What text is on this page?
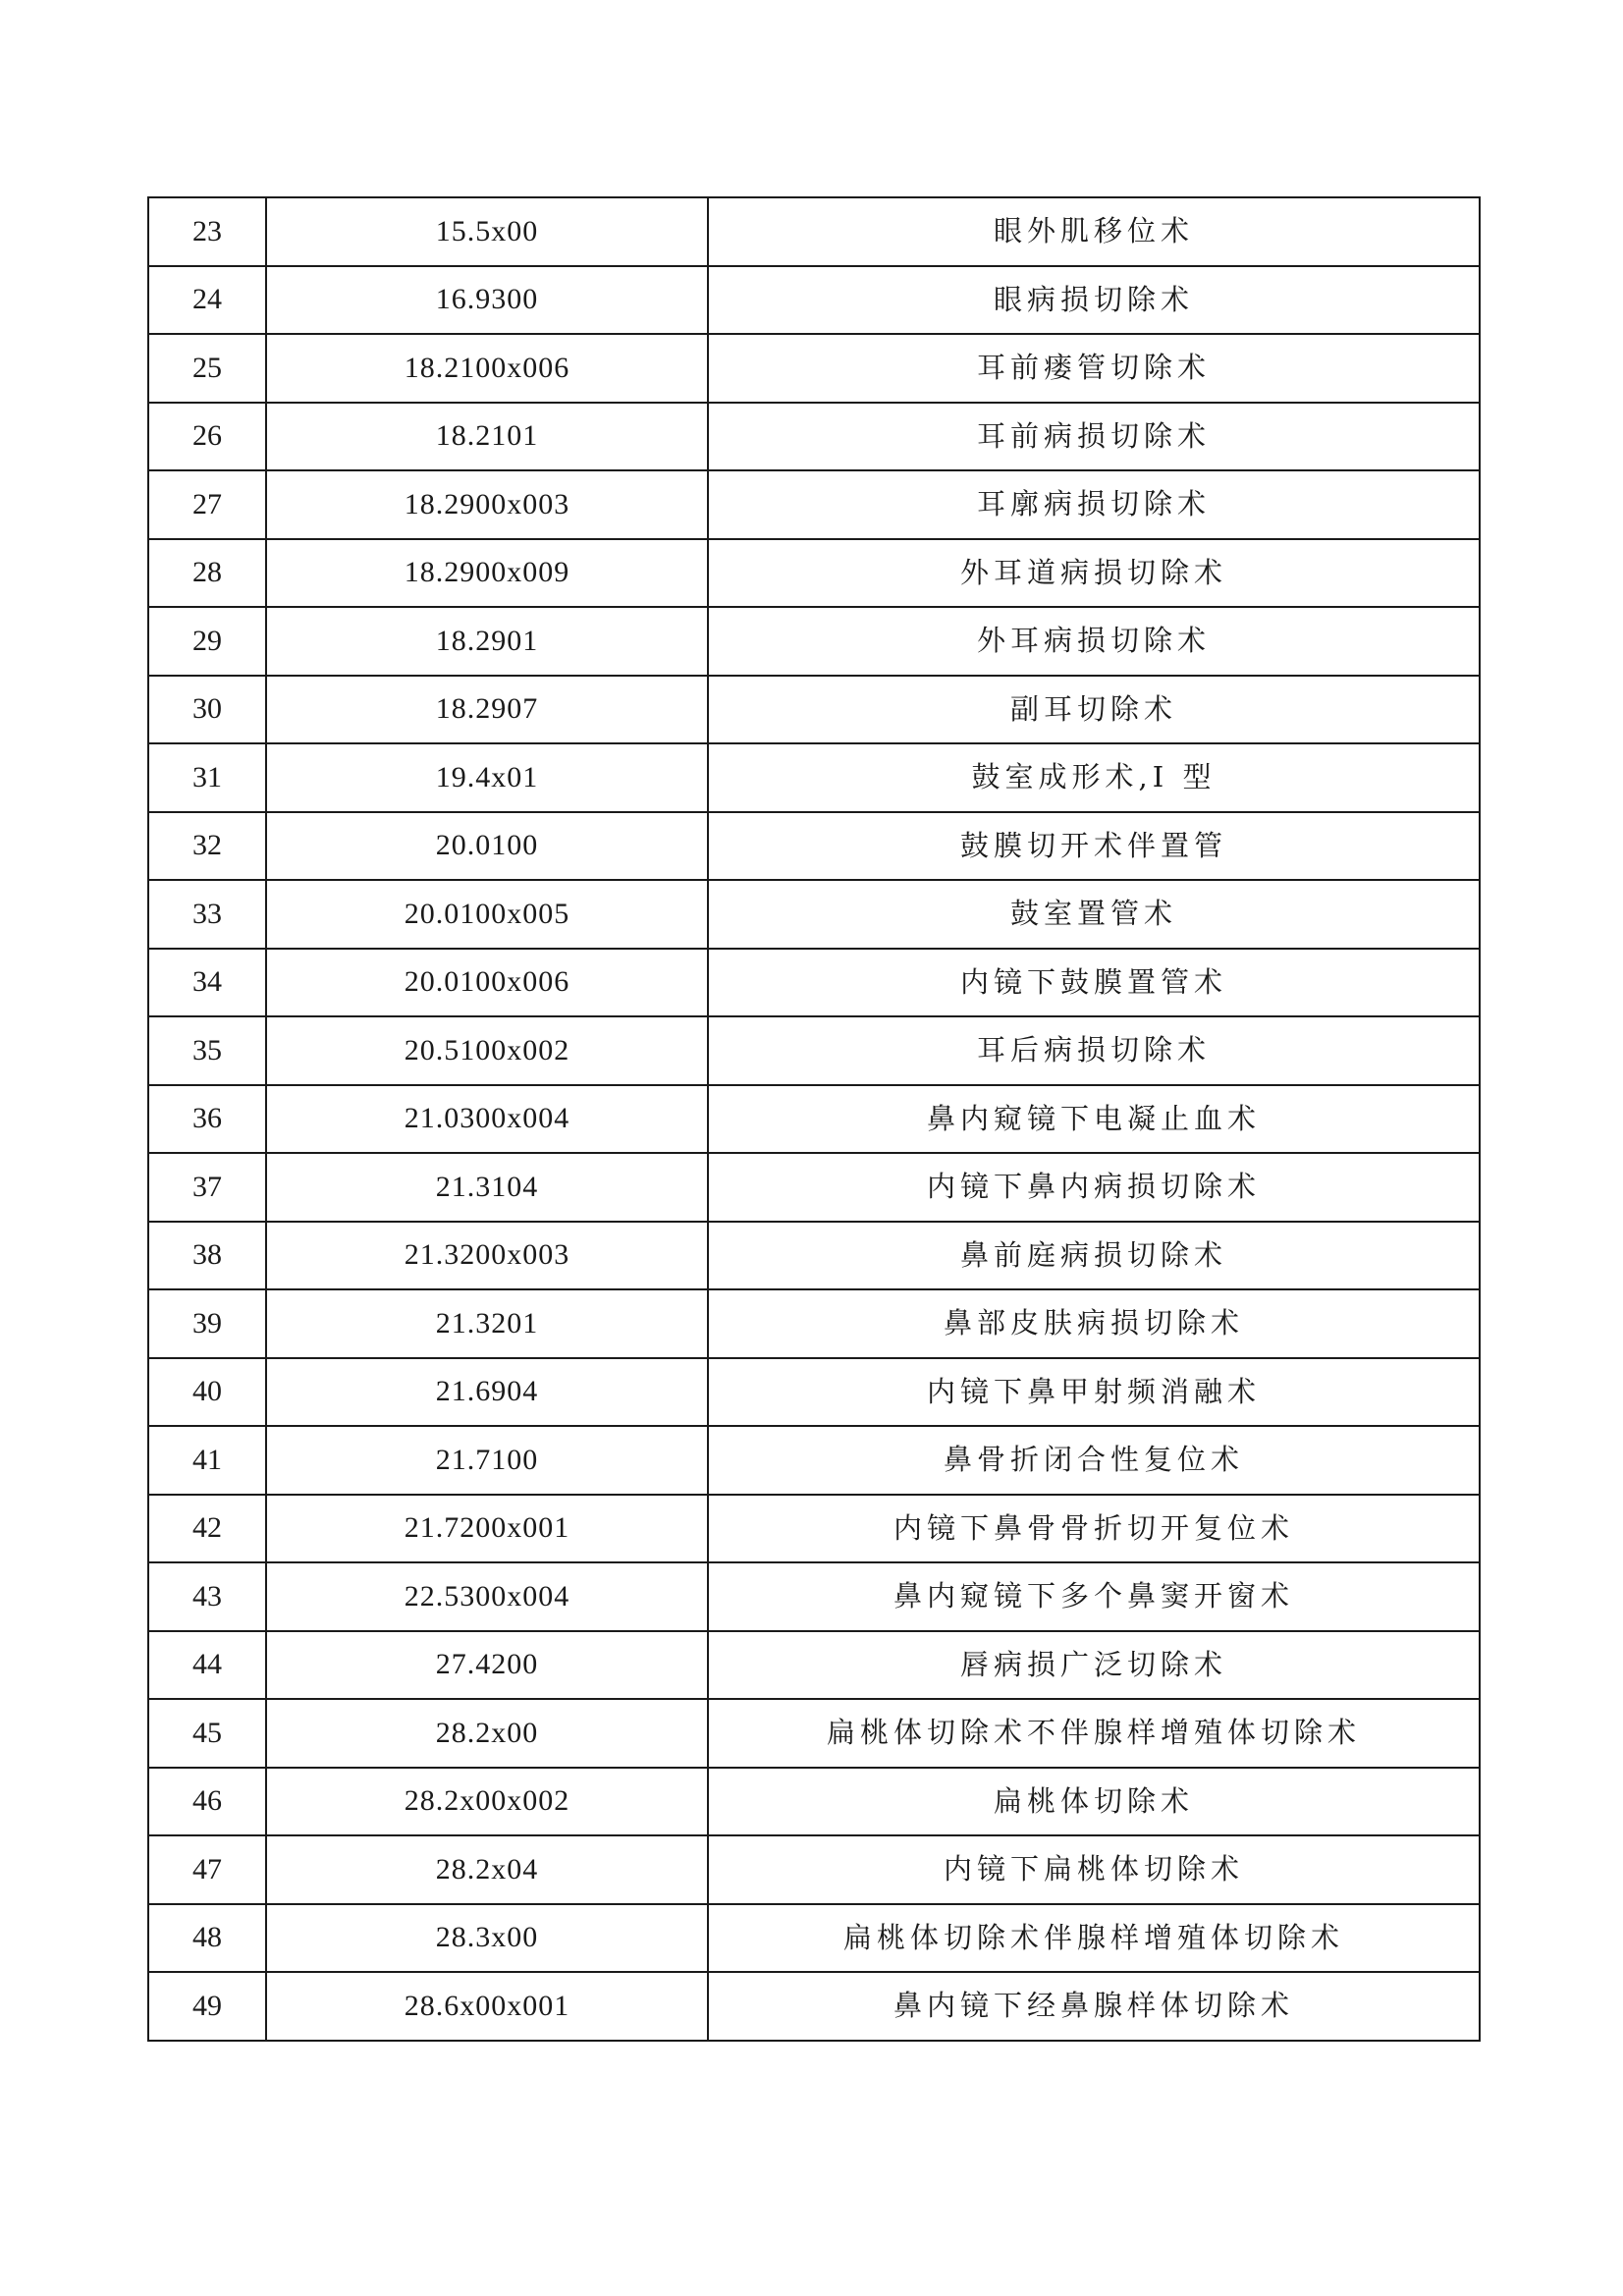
23	15.5x00	眼外肌移位术
24	16.9300	眼病损切除术
25	18.2100x006	耳前瘘管切除术
26	18.2101	耳前病损切除术
27	18.2900x003	耳廓病损切除术
28	18.2900x009	外耳道病损切除术
29	18.2901	外耳病损切除术
30	18.2907	副耳切除术
31	19.4x01	鼓室成形术,I 型
32	20.0100	鼓膜切开术伴置管
33	20.0100x005	鼓室置管术
34	20.0100x006	内镜下鼓膜置管术
35	20.5100x002	耳后病损切除术
36	21.0300x004	鼻内窥镜下电凝止血术
37	21.3104	内镜下鼻内病损切除术
38	21.3200x003	鼻前庭病损切除术
39	21.3201	鼻部皮肤病损切除术
40	21.6904	内镜下鼻甲射频消融术
41	21.7100	鼻骨折闭合性复位术
42	21.7200x001	内镜下鼻骨骨折切开复位术
43	22.5300x004	鼻内窥镜下多个鼻窦开窗术
44	27.4200	唇病损广泛切除术
45	28.2x00	扁桃体切除术不伴腺样增殖体切除术
46	28.2x00x002	扁桃体切除术
47	28.2x04	内镜下扁桃体切除术
48	28.3x00	扁桃体切除术伴腺样增殖体切除术
49	28.6x00x001	鼻内镜下经鼻腺样体切除术
